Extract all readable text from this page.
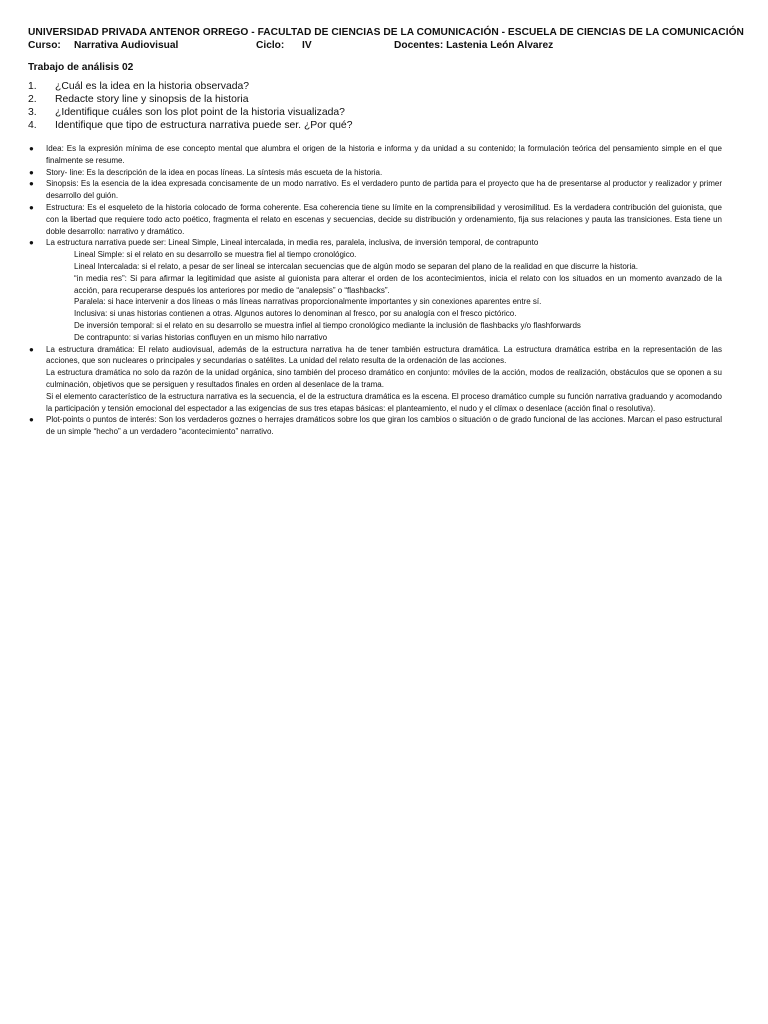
UNIVERSIDAD PRIVADA ANTENOR ORREGO - FACULTAD DE CIENCIAS DE LA COMUNICACIÓN - ESCUELA DE CIENCIAS DE LA COMUNICACIÓN
Curso: Narrativa Audiovisual	Ciclo: IV	Docentes: Lastenia León Alvarez
Trabajo de análisis 02
1. ¿Cuál es la idea en la historia observada?
2. Redacte story line y sinopsis de la historia
3. ¿Identifique cuáles son los plot point de la historia visualizada?
4. Identifique que tipo de estructura narrativa puede ser. ¿Por qué?
● Idea: Es la expresión mínima de ese concepto mental que alumbra el origen de la historia e informa y da unidad a su contenido; la formulación teórica del pensamiento simple en el que finalmente se resume.
● Story- line: Es la descripción de la idea en pocas líneas. La síntesis más escueta de la historia.
● Sinopsis: Es la esencia de la idea expresada concisamente de un modo narrativo. Es el verdadero punto de partida para el proyecto que ha de presentarse al productor y realizador y primer desarrollo del guión.
● Estructura: Es el esqueleto de la historia colocado de forma coherente. Esa coherencia tiene su límite en la comprensibilidad y verosimilitud. Es la verdadera contribución del guionista, que con la libertad que requiere todo acto poético, fragmenta el relato en escenas y secuencias, decide su distribución y ordenamiento, fija sus relaciones y pauta las transiciones. Esta tiene un doble desarrollo: narrativo y dramático.
● La estructura narrativa puede ser: Lineal Simple, Lineal intercalada, in media res, paralela, inclusiva, de inversión temporal, de contrapunto
Lineal Simple: si el relato en su desarrollo se muestra fiel al tiempo cronológico.
Lineal Intercalada: si el relato, a pesar de ser lineal se intercalan secuencias que de algún modo se separan del plano de la realidad en que discurre la historia.
“in media res”: Si para afirmar la legitimidad que asiste al guionista para alterar el orden de los acontecimientos, inicia el relato con los situados en un momento avanzado de la acción, para recuperarse después los anteriores por medio de “analepsis” o “flashbacks”.
Paralela: si hace intervenir a dos líneas o más líneas narrativas proporcionalmente importantes y sin conexiones aparentes entre sí.
Inclusiva: si unas historias contienen a otras. Algunos autores lo denominan al fresco, por su analogía con el fresco pictórico.
De inversión temporal: si el relato en su desarrollo se muestra infiel al tiempo cronológico mediante la inclusión de flashbacks y/o flashforwards
De contrapunto: si varias historias confluyen en un mismo hilo narrativo
● La estructura dramática: El relato audiovisual, además de la estructura narrativa ha de tener también estructura dramática. La estructura dramática estriba en la representación de las acciones, que son nucleares o principales y secundarias o satélites. La unidad del relato resulta de la ordenación de las acciones.
La estructura dramática no solo da razón de la unidad orgánica, sino también del proceso dramático en conjunto: móviles de la acción, modos de realización, obstáculos que se oponen a su culminación, objetivos que se persiguen y resultados finales en orden al desenlace de la trama.
Si el elemento característico de la estructura narrativa es la secuencia, el de la estructura dramática es la escena. El proceso dramático cumple su función narrativa graduando y acomodando la participación y tensión emocional del espectador a las exigencias de sus tres etapas básicas: el planteamiento, el nudo y el clímax o desenlace (acción final o resolutiva).
● Plot-points o puntos de interés: Son los verdaderos goznes o herrajes dramáticos sobre los que giran los cambios o situación o de grado funcional de las acciones. Marcan el paso estructural de un simple “hecho” a un verdadero “acontecimiento” narrativo.
